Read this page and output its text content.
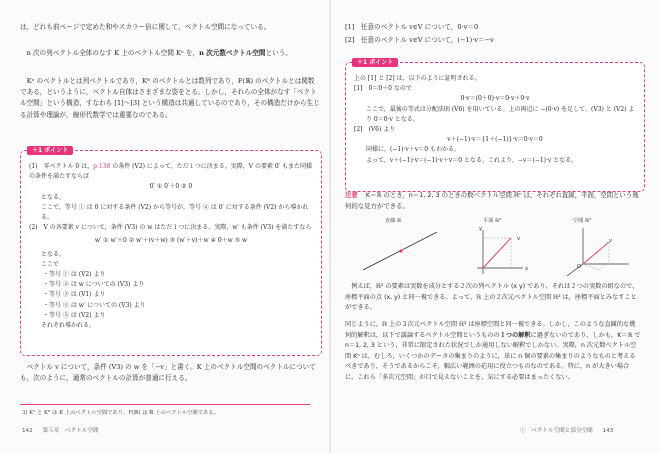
は，どれも前ページで定めた和やスカラー倍に関して，ベクトル空間になっている。

n 次の列ベクトル全体のなす K 上のベクトル空間 Kⁿ を，n 次元数ベクトル空間という。

Kⁿ のベクトルとは列ベクトルであり，Kᴿ のベクトルとは数列であり，F(ℝ) のベクトルとは関数である，というように，ベクトル自体はさまざまな姿をとる。しかし，それらの全体がなす「ベクトル空間」という構造，すなわち [1]〜[3] という構造は共通しているのであり，その構造だけから生じる計算や理論が，線形代数学では重要なのである。

＋1 ポイント

(1)　零ベクトル 0 は，p.138 の条件 (V2) によって，ただ１つに決まる。実際，V の要素 0′ もまた同様の条件を満たすならば

0′ ① 0′＋0 ② 0

となる。

ここで，等号 ① は 0 に対する条件 (V2) から等号が，等号 ② は 0′ に対する条件 (V2) から導かれる。

(2)　V の各要素 v について，条件 (V3) の w はただ１つに決まる。実際，w′ も条件 (V3) を満たすなら

w′ ① w′＋0 ② w′＋(v＋w) ③ (w′＋v)＋w ④ 0＋w ⑤ w

となる。

ここで

・等号 ① は (V2) より

・等号 ② は w についての (V3) より

・等号 ③ は (V1) より

・等号 ④ は w′ についての (V3) より

・等号 ⑤ は (V2) より

それぞれ導かれる。

ベクトル v について，条件 (V3) の w を「−v」と書く。K 上のベクトル空間のベクトルについても，次のように，通常のベクトルの計算が普通に行える。

3) Kⁿ と Kᴿ は K 上のベクトル空間であり，F(ℝ) は ℝ 上のベクトル空間である。

142 第５章　ベクトル空間

[1]　任意のベクトル v∈V について，0·v＝0

[2]　任意のベクトル v∈V について，(−1)·v＝−v

＋1 ポイント

上の [1] と [2] は，以下のように証明される。

[1]　0＝0＋0 なので

0·v＝(0＋0)·v＝0·v＋0·v

ここで，最後の等式は分配法則 (V6) を用いている。上の両辺に −(0·v) を足して，(V3) と (V2) より 0＝0·v となる。

[2]　(V6) より

v＋(−1)·v＝{1＋(−1)}·v＝0·v＝0

同様に，(−1)·v＋v＝0 もわかる。

よって，v＋(−1)·v＝(−1)·v＋v＝0 となる。これより，−v＝(−1)·v となる。

注意 K＝ℝ のとき，n＝1, 2, 3 のときの数ベクトル空間 ℝⁿ は，それぞれ直線，平面，空間という幾何的な見方ができる。

直線 ℝ	平面 ℝ²	空間 ℝ³
v	v
x
y
O

例えば，ℝ² の要素は実数を成分とする２次の列ベクトル (x y) であり，それは２つの実数の組なので，座標平面の点 (x, y) と同一視できる。よって，ℝ 上の２次元ベクトル空間 ℝ² は，座標平面とみなすことができる。

同じように，ℝ 上の３次元ベクトル空間 ℝ³ は座標空間と同一視できる。しかし，このような直観的な幾何的解釈は，以下で議論するベクトル空間というものの１つの解釈に過ぎないのであり，しかも，K＝ℝ で n＝1, 2, 3 という，非常に限定された状況でしか通用しない解釈でしかない。実際，n 次元数ベクトル空間 Kⁿ は，むしろ，いくつかのデータの集まりのように，単に n 個の要素の集まりのようなものと考えるべきであり，そうであるからこそ，幅広い範囲の応用に役立つものなのである。特に，n が大きい場合に，これら「多次元空間」が目で見えないことを，気にする必要はまったくない。

ⓘ　ベクトル空間と部分空間 143
